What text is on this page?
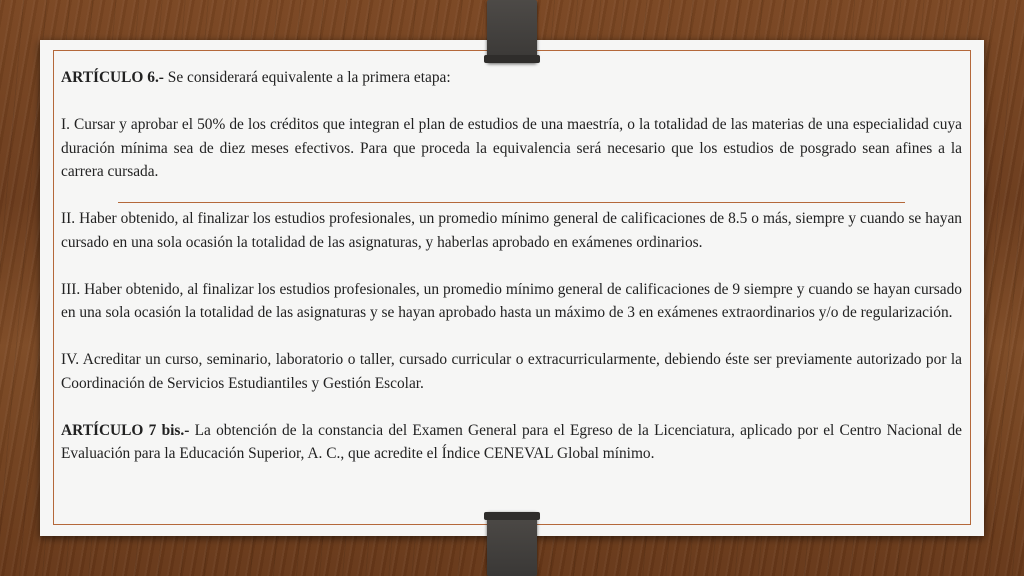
ARTÍCULO 6.- Se considerará equivalente a la primera etapa:

I. Cursar y aprobar el 50% de los créditos que integran el plan de estudios de una maestría, o la totalidad de las materias de una especialidad cuya duración mínima sea de diez meses efectivos. Para que proceda la equivalencia será necesario que los estudios de posgrado sean afines a la carrera cursada.

II. Haber obtenido, al finalizar los estudios profesionales, un promedio mínimo general de calificaciones de 8.5 o más, siempre y cuando se hayan cursado en una sola ocasión la totalidad de las asignaturas, y haberlas aprobado en exámenes ordinarios.

III. Haber obtenido, al finalizar los estudios profesionales, un promedio mínimo general de calificaciones de 9 siempre y cuando se hayan cursado en una sola ocasión la totalidad de las asignaturas y se hayan aprobado hasta un máximo de 3 en exámenes extraordinarios y/o de regularización.

IV. Acreditar un curso, seminario, laboratorio o taller, cursado curricular o extracurricularmente, debiendo éste ser previamente autorizado por la Coordinación de Servicios Estudiantiles y Gestión Escolar.

ARTÍCULO 7 bis.- La obtención de la constancia del Examen General para el Egreso de la Licenciatura, aplicado por el Centro Nacional de Evaluación para la Educación Superior, A. C., que acredite el Índice CENEVAL Global mínimo.
